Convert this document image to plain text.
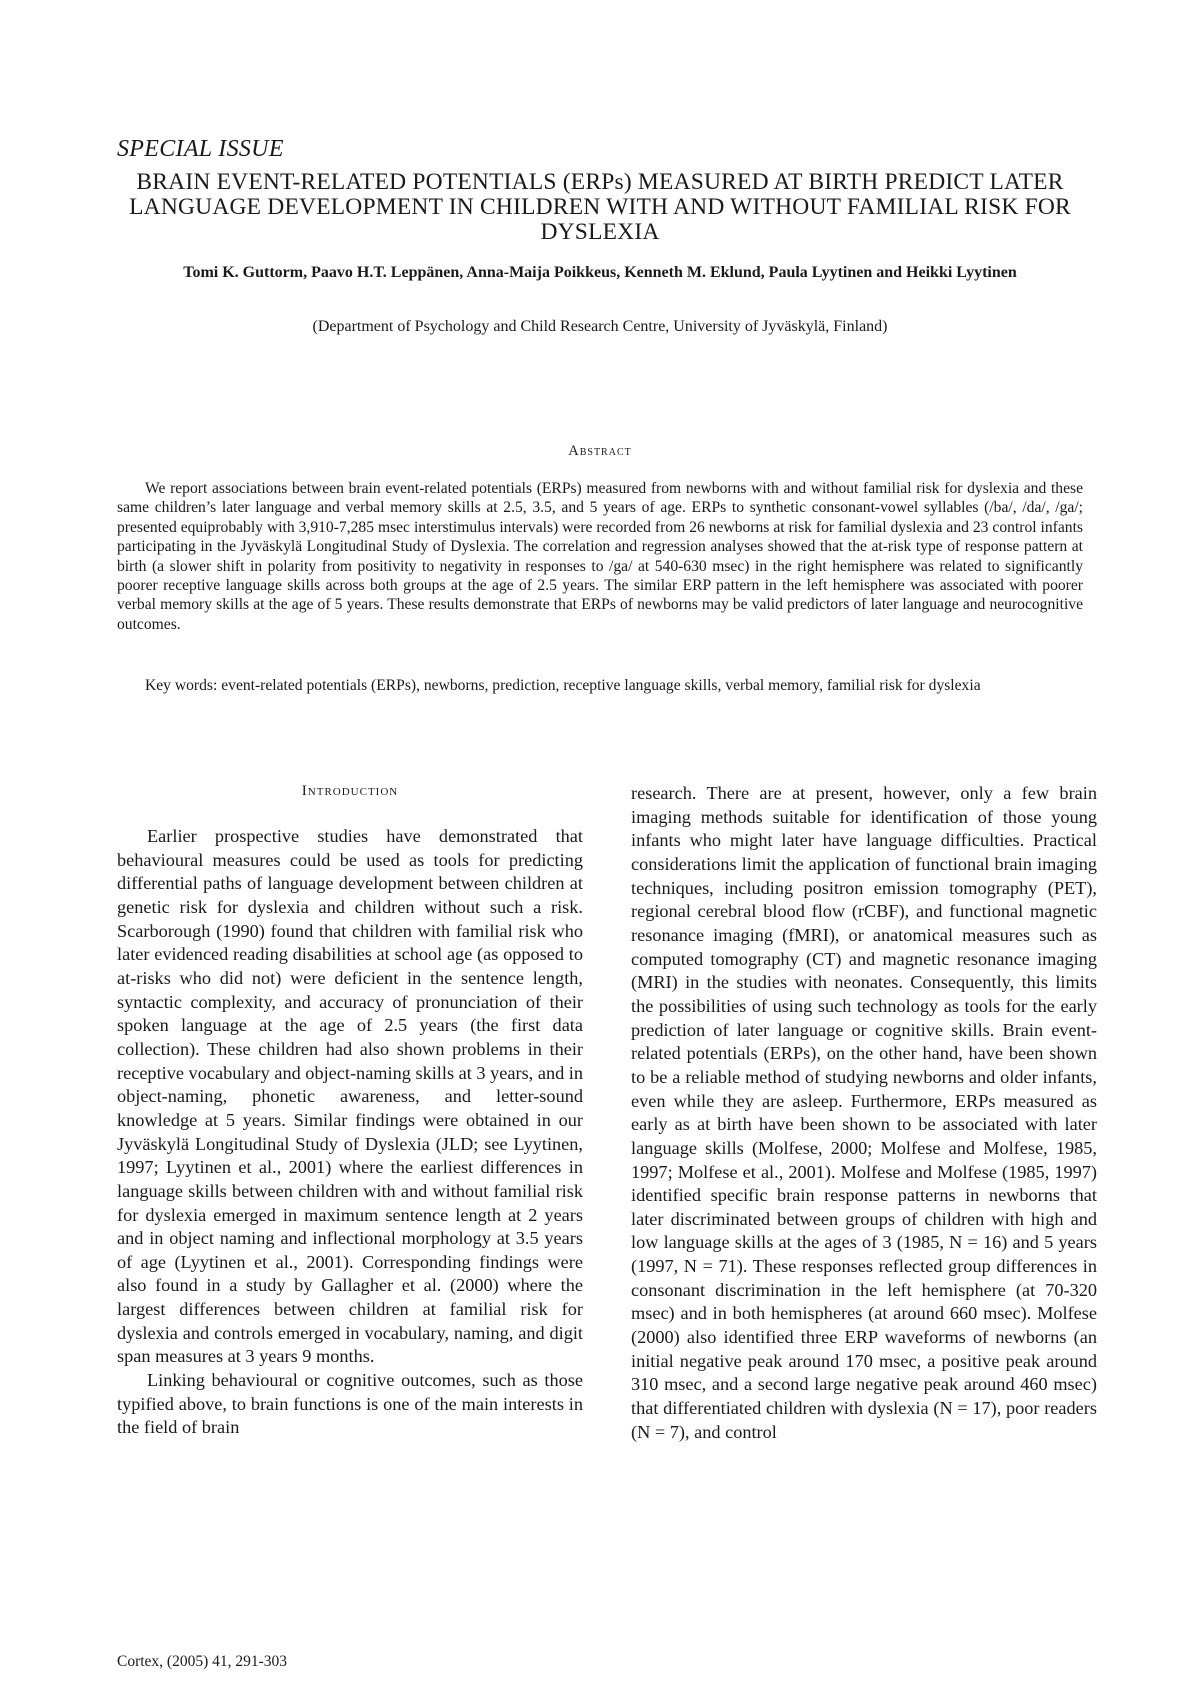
SPECIAL ISSUE
BRAIN EVENT-RELATED POTENTIALS (ERPs) MEASURED AT BIRTH PREDICT LATER LANGUAGE DEVELOPMENT IN CHILDREN WITH AND WITHOUT FAMILIAL RISK FOR DYSLEXIA
Tomi K. Guttorm, Paavo H.T. Leppänen, Anna-Maija Poikkeus, Kenneth M. Eklund, Paula Lyytinen and Heikki Lyytinen
(Department of Psychology and Child Research Centre, University of Jyväskylä, Finland)
Abstract
We report associations between brain event-related potentials (ERPs) measured from newborns with and without familial risk for dyslexia and these same children’s later language and verbal memory skills at 2.5, 3.5, and 5 years of age. ERPs to synthetic consonant-vowel syllables (/ba/, /da/, /ga/; presented equiprobably with 3,910-7,285 msec interstimulus intervals) were recorded from 26 newborns at risk for familial dyslexia and 23 control infants participating in the Jyväskylä Longitudinal Study of Dyslexia. The correlation and regression analyses showed that the at-risk type of response pattern at birth (a slower shift in polarity from positivity to negativity in responses to /ga/ at 540-630 msec) in the right hemisphere was related to significantly poorer receptive language skills across both groups at the age of 2.5 years. The similar ERP pattern in the left hemisphere was associated with poorer verbal memory skills at the age of 5 years. These results demonstrate that ERPs of newborns may be valid predictors of later language and neurocognitive outcomes.
Key words: event-related potentials (ERPs), newborns, prediction, receptive language skills, verbal memory, familial risk for dyslexia
Introduction

Earlier prospective studies have demonstrated that behavioural measures could be used as tools for predicting differential paths of language development between children at genetic risk for dyslexia and children without such a risk. Scarborough (1990) found that children with familial risk who later evidenced reading disabilities at school age (as opposed to at-risks who did not) were deficient in the sentence length, syntactic complexity, and accuracy of pronunciation of their spoken language at the age of 2.5 years (the first data collection). These children had also shown problems in their receptive vocabulary and object-naming skills at 3 years, and in object-naming, phonetic awareness, and letter-sound knowledge at 5 years. Similar findings were obtained in our Jyväskylä Longitudinal Study of Dyslexia (JLD; see Lyytinen, 1997; Lyytinen et al., 2001) where the earliest differences in language skills between children with and without familial risk for dyslexia emerged in maximum sentence length at 2 years and in object naming and inflectional morphology at 3.5 years of age (Lyytinen et al., 2001). Corresponding findings were also found in a study by Gallagher et al. (2000) where the largest differences between children at familial risk for dyslexia and controls emerged in vocabulary, naming, and digit span measures at 3 years 9 months.

Linking behavioural or cognitive outcomes, such as those typified above, to brain functions is one of the main interests in the field of brain

research. There are at present, however, only a few brain imaging methods suitable for identification of those young infants who might later have language difficulties. Practical considerations limit the application of functional brain imaging techniques, including positron emission tomography (PET), regional cerebral blood flow (rCBF), and functional magnetic resonance imaging (fMRI), or anatomical measures such as computed tomography (CT) and magnetic resonance imaging (MRI) in the studies with neonates. Consequently, this limits the possibilities of using such technology as tools for the early prediction of later language or cognitive skills. Brain event-related potentials (ERPs), on the other hand, have been shown to be a reliable method of studying newborns and older infants, even while they are asleep. Furthermore, ERPs measured as early as at birth have been shown to be associated with later language skills (Molfese, 2000; Molfese and Molfese, 1985, 1997; Molfese et al., 2001). Molfese and Molfese (1985, 1997) identified specific brain response patterns in newborns that later discriminated between groups of children with high and low language skills at the ages of 3 (1985, N = 16) and 5 years (1997, N = 71). These responses reflected group differences in consonant discrimination in the left hemisphere (at 70-320 msec) and in both hemispheres (at around 660 msec). Molfese (2000) also identified three ERP waveforms of newborns (an initial negative peak around 170 msec, a positive peak around 310 msec, and a second large negative peak around 460 msec) that differentiated children with dyslexia (N = 17), poor readers (N = 7), and control

Cortex, (2005) 41, 291-303
